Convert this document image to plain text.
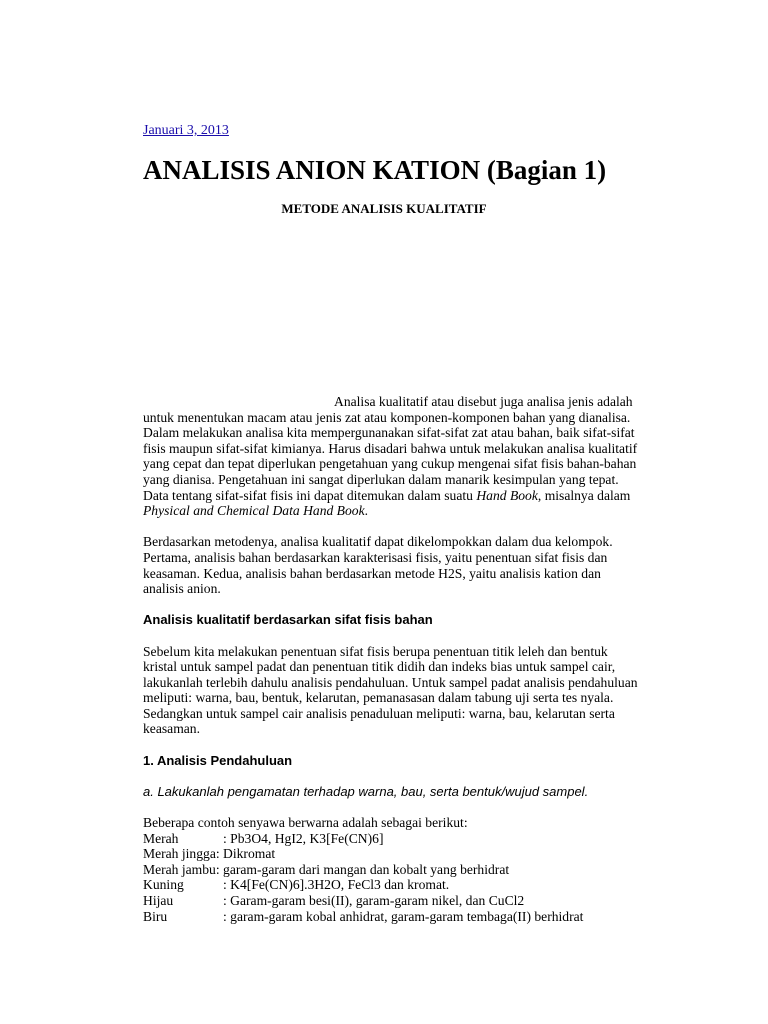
Januari 3, 2013
ANALISIS ANION KATION (Bagian 1)
METODE ANALISIS KUALITATIF

Analisa kualitatif atau disebut juga analisa jenis adalah untuk menentukan macam atau jenis zat atau komponen-komponen bahan yang dianalisa. Dalam melakukan analisa kita mempergunanakan sifat-sifat zat atau bahan, baik sifat-sifat fisis maupun sifat-sifat kimianya. Harus disadari bahwa untuk melakukan analisa kualitatif yang cepat dan tepat diperlukan pengetahuan yang cukup mengenai sifat fisis bahan-bahan yang dianisa. Pengetahuan ini sangat diperlukan dalam manarik kesimpulan yang tepat. Data tentang sifat-sifat fisis ini dapat ditemukan dalam suatu Hand Book, misalnya dalam Physical and Chemical Data Hand Book.

Berdasarkan metodenya, analisa kualitatif dapat dikelompokkan dalam dua kelompok. Pertama, analisis bahan berdasarkan karakterisasi fisis, yaitu penentuan sifat fisis dan keasaman. Kedua, analisis bahan berdasarkan metode H2S, yaitu analisis kation dan analisis anion.

Analisis kualitatif berdasarkan sifat fisis bahan

Sebelum kita melakukan penentuan sifat fisis berupa penentuan titik leleh dan bentuk kristal untuk sampel padat dan penentuan titik didih dan indeks bias untuk sampel cair, lakukanlah terlebih dahulu analisis pendahuluan. Untuk sampel padat analisis pendahuluan meliputi: warna, bau, bentuk, kelarutan, pemanasasan dalam tabung uji serta tes nyala. Sedangkan untuk sampel cair analisis penaduluan meliputi: warna, bau, kelarutan serta keasaman.

1. Analisis Pendahuluan

a. Lakukanlah pengamatan terhadap warna, bau, serta bentuk/wujud sampel.

Beberapa contoh senyawa berwarna adalah sebagai berikut:
Merah	: Pb3O4, HgI2, K3[Fe(CN)6]
Merah jingga : Dikromat
Merah jambu : garam-garam dari mangan dan kobalt yang berhidrat
Kuning	: K4[Fe(CN)6].3H2O, FeCl3 dan kromat.
Hijau	: Garam-garam besi(II), garam-garam nikel, dan CuCl2
Biru	: garam-garam kobal anhidrat, garam-garam tembaga(II) berhidrat
